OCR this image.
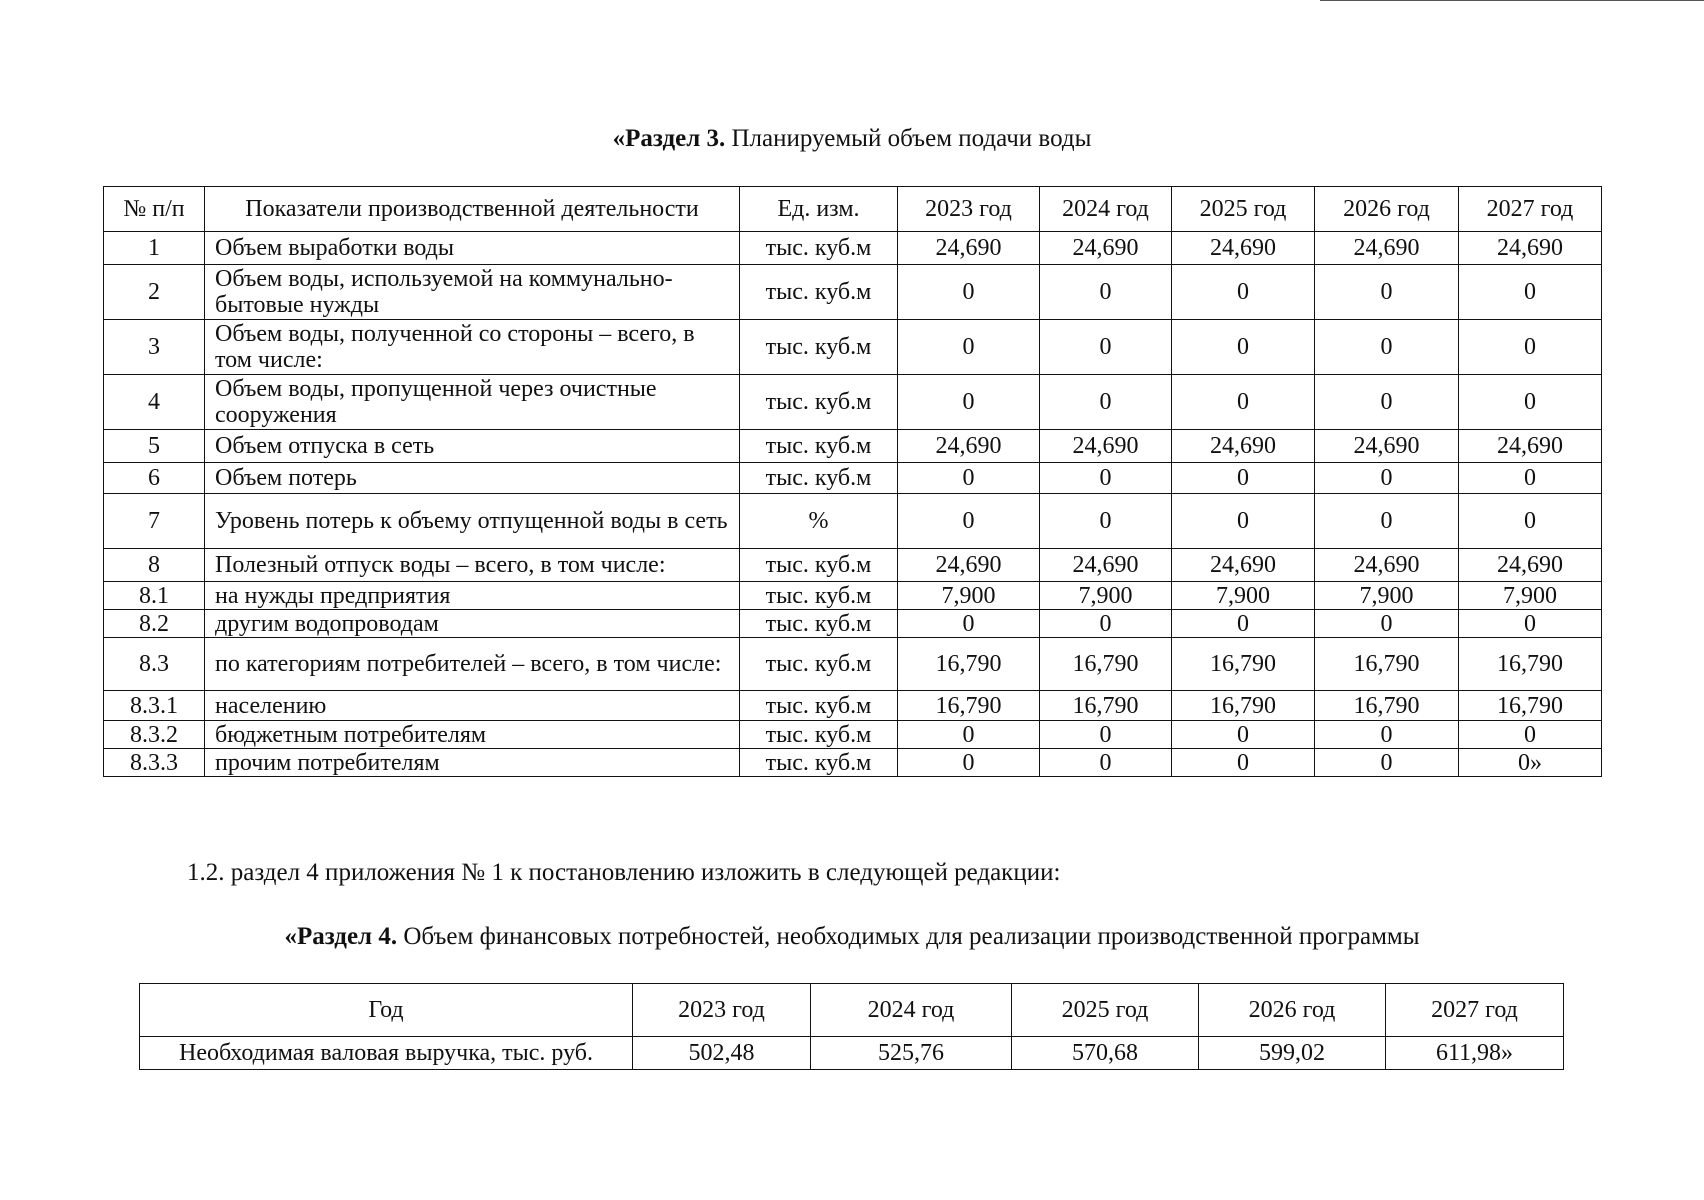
«Раздел 3. Планируемый объем подачи воды
№ п/п	Показатели производственной деятельности	Ед. изм.	2023 год	2024 год	2025 год	2026 год	2027 год
1	Объем выработки воды	тыс. куб.м	24,690	24,690	24,690	24,690	24,690
2	Объем воды, используемой на коммунально-бытовые нужды	тыс. куб.м	0	0	0	0	0
3	Объем воды, полученной со стороны – всего, в том числе:	тыс. куб.м	0	0	0	0	0
4	Объем воды, пропущенной через очистные сооружения	тыс. куб.м	0	0	0	0	0
5	Объем отпуска в сеть	тыс. куб.м	24,690	24,690	24,690	24,690	24,690
6	Объем потерь	тыс. куб.м	0	0	0	0	0
7	Уровень потерь к объему отпущенной воды в сеть	%	0	0	0	0	0
8	Полезный отпуск воды – всего, в том числе:	тыс. куб.м	24,690	24,690	24,690	24,690	24,690
8.1	на нужды предприятия	тыс. куб.м	7,900	7,900	7,900	7,900	7,900
8.2	другим водопроводам	тыс. куб.м	0	0	0	0	0
8.3	по категориям потребителей – всего, в том числе:	тыс. куб.м	16,790	16,790	16,790	16,790	16,790
8.3.1	населению	тыс. куб.м	16,790	16,790	16,790	16,790	16,790
8.3.2	бюджетным потребителям	тыс. куб.м	0	0	0	0	0
8.3.3	прочим потребителям	тыс. куб.м	0	0	0	0	0»
1.2. раздел 4 приложения № 1 к постановлению изложить в следующей редакции:
«Раздел 4. Объем финансовых потребностей, необходимых для реализации производственной программы
Год	2023 год	2024 год	2025 год	2026 год	2027 год
Необходимая валовая выручка, тыс. руб.	502,48	525,76	570,68	599,02	611,98»
